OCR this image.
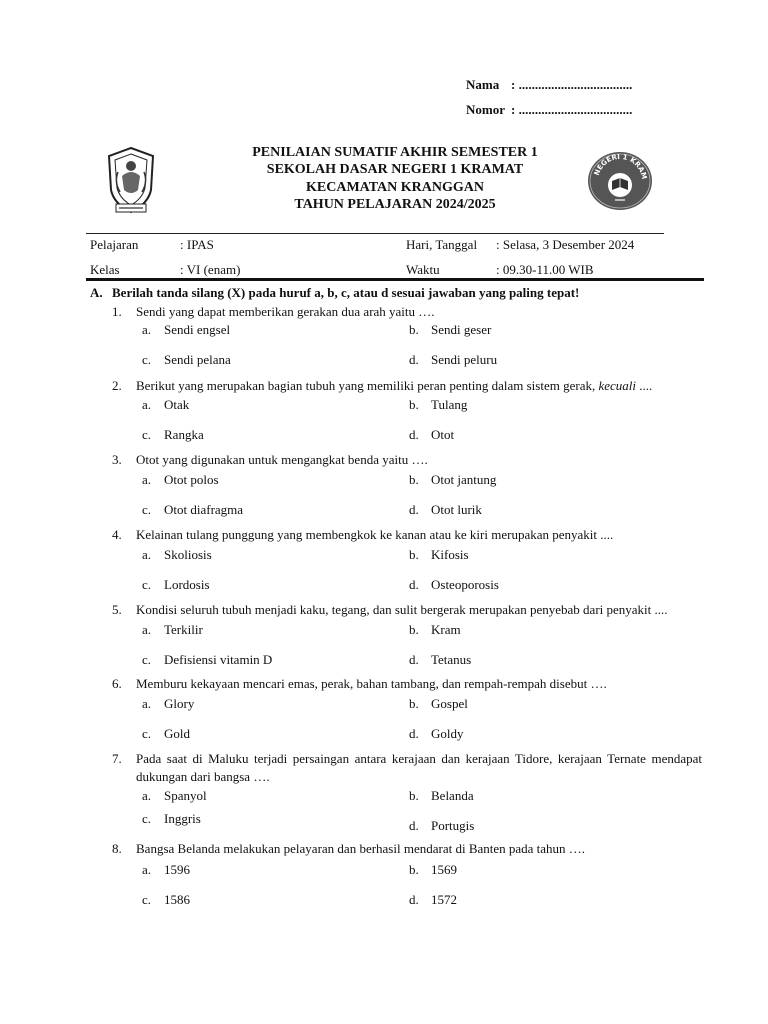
Nama : ...................................
Nomor : ...................................
PENILAIAN SUMATIF AKHIR SEMESTER 1
SEKOLAH DASAR NEGERI 1 KRAMAT
KECAMATAN KRANGGAN
TAHUN PELAJARAN 2024/2025
NEGERI 1 KRAM
Pelajaran	: IPAS	Hari, Tanggal : Selasa, 3 Desember 2024
Kelas	: VI (enam)	Waktu	: 09.30-11.00 WIB
A. Berilah tanda silang (X) pada huruf a, b, c, atau d sesuai jawaban yang paling tepat!
1. Sendi yang dapat memberikan gerakan dua arah yaitu ….
a. Sendi engsel	b. Sendi geser
c. Sendi pelana	d. Sendi peluru
2. Berikut yang merupakan bagian tubuh yang memiliki peran penting dalam sistem gerak, kecuali ....
a. Otak	b. Tulang
c. Rangka	d. Otot
3. Otot yang digunakan untuk mengangkat benda yaitu ….
a. Otot polos	b. Otot jantung
c. Otot diafragma	d. Otot lurik
4. Kelainan tulang punggung yang membengkok ke kanan atau ke kiri merupakan penyakit ....
a. Skoliosis	b. Kifosis
c. Lordosis	d. Osteoporosis
5. Kondisi seluruh tubuh menjadi kaku, tegang, dan sulit bergerak merupakan penyebab dari penyakit ....
a. Terkilir	b. Kram
c. Defisiensi vitamin D	d. Tetanus
6. Memburu kekayaan mencari emas, perak, bahan tambang, dan rempah-rempah disebut ….
a. Glory	b. Gospel
c. Gold	d. Goldy
7. Pada saat di Maluku terjadi persaingan antara kerajaan dan kerajaan Tidore, kerajaan Ternate mendapat dukungan dari bangsa ….
a. Spanyol	b. Belanda
c. Inggris	d. Portugis
8. Bangsa Belanda melakukan pelayaran dan berhasil mendarat di Banten pada tahun ….
a. 1596	b. 1569
c. 1586	d. 1572
